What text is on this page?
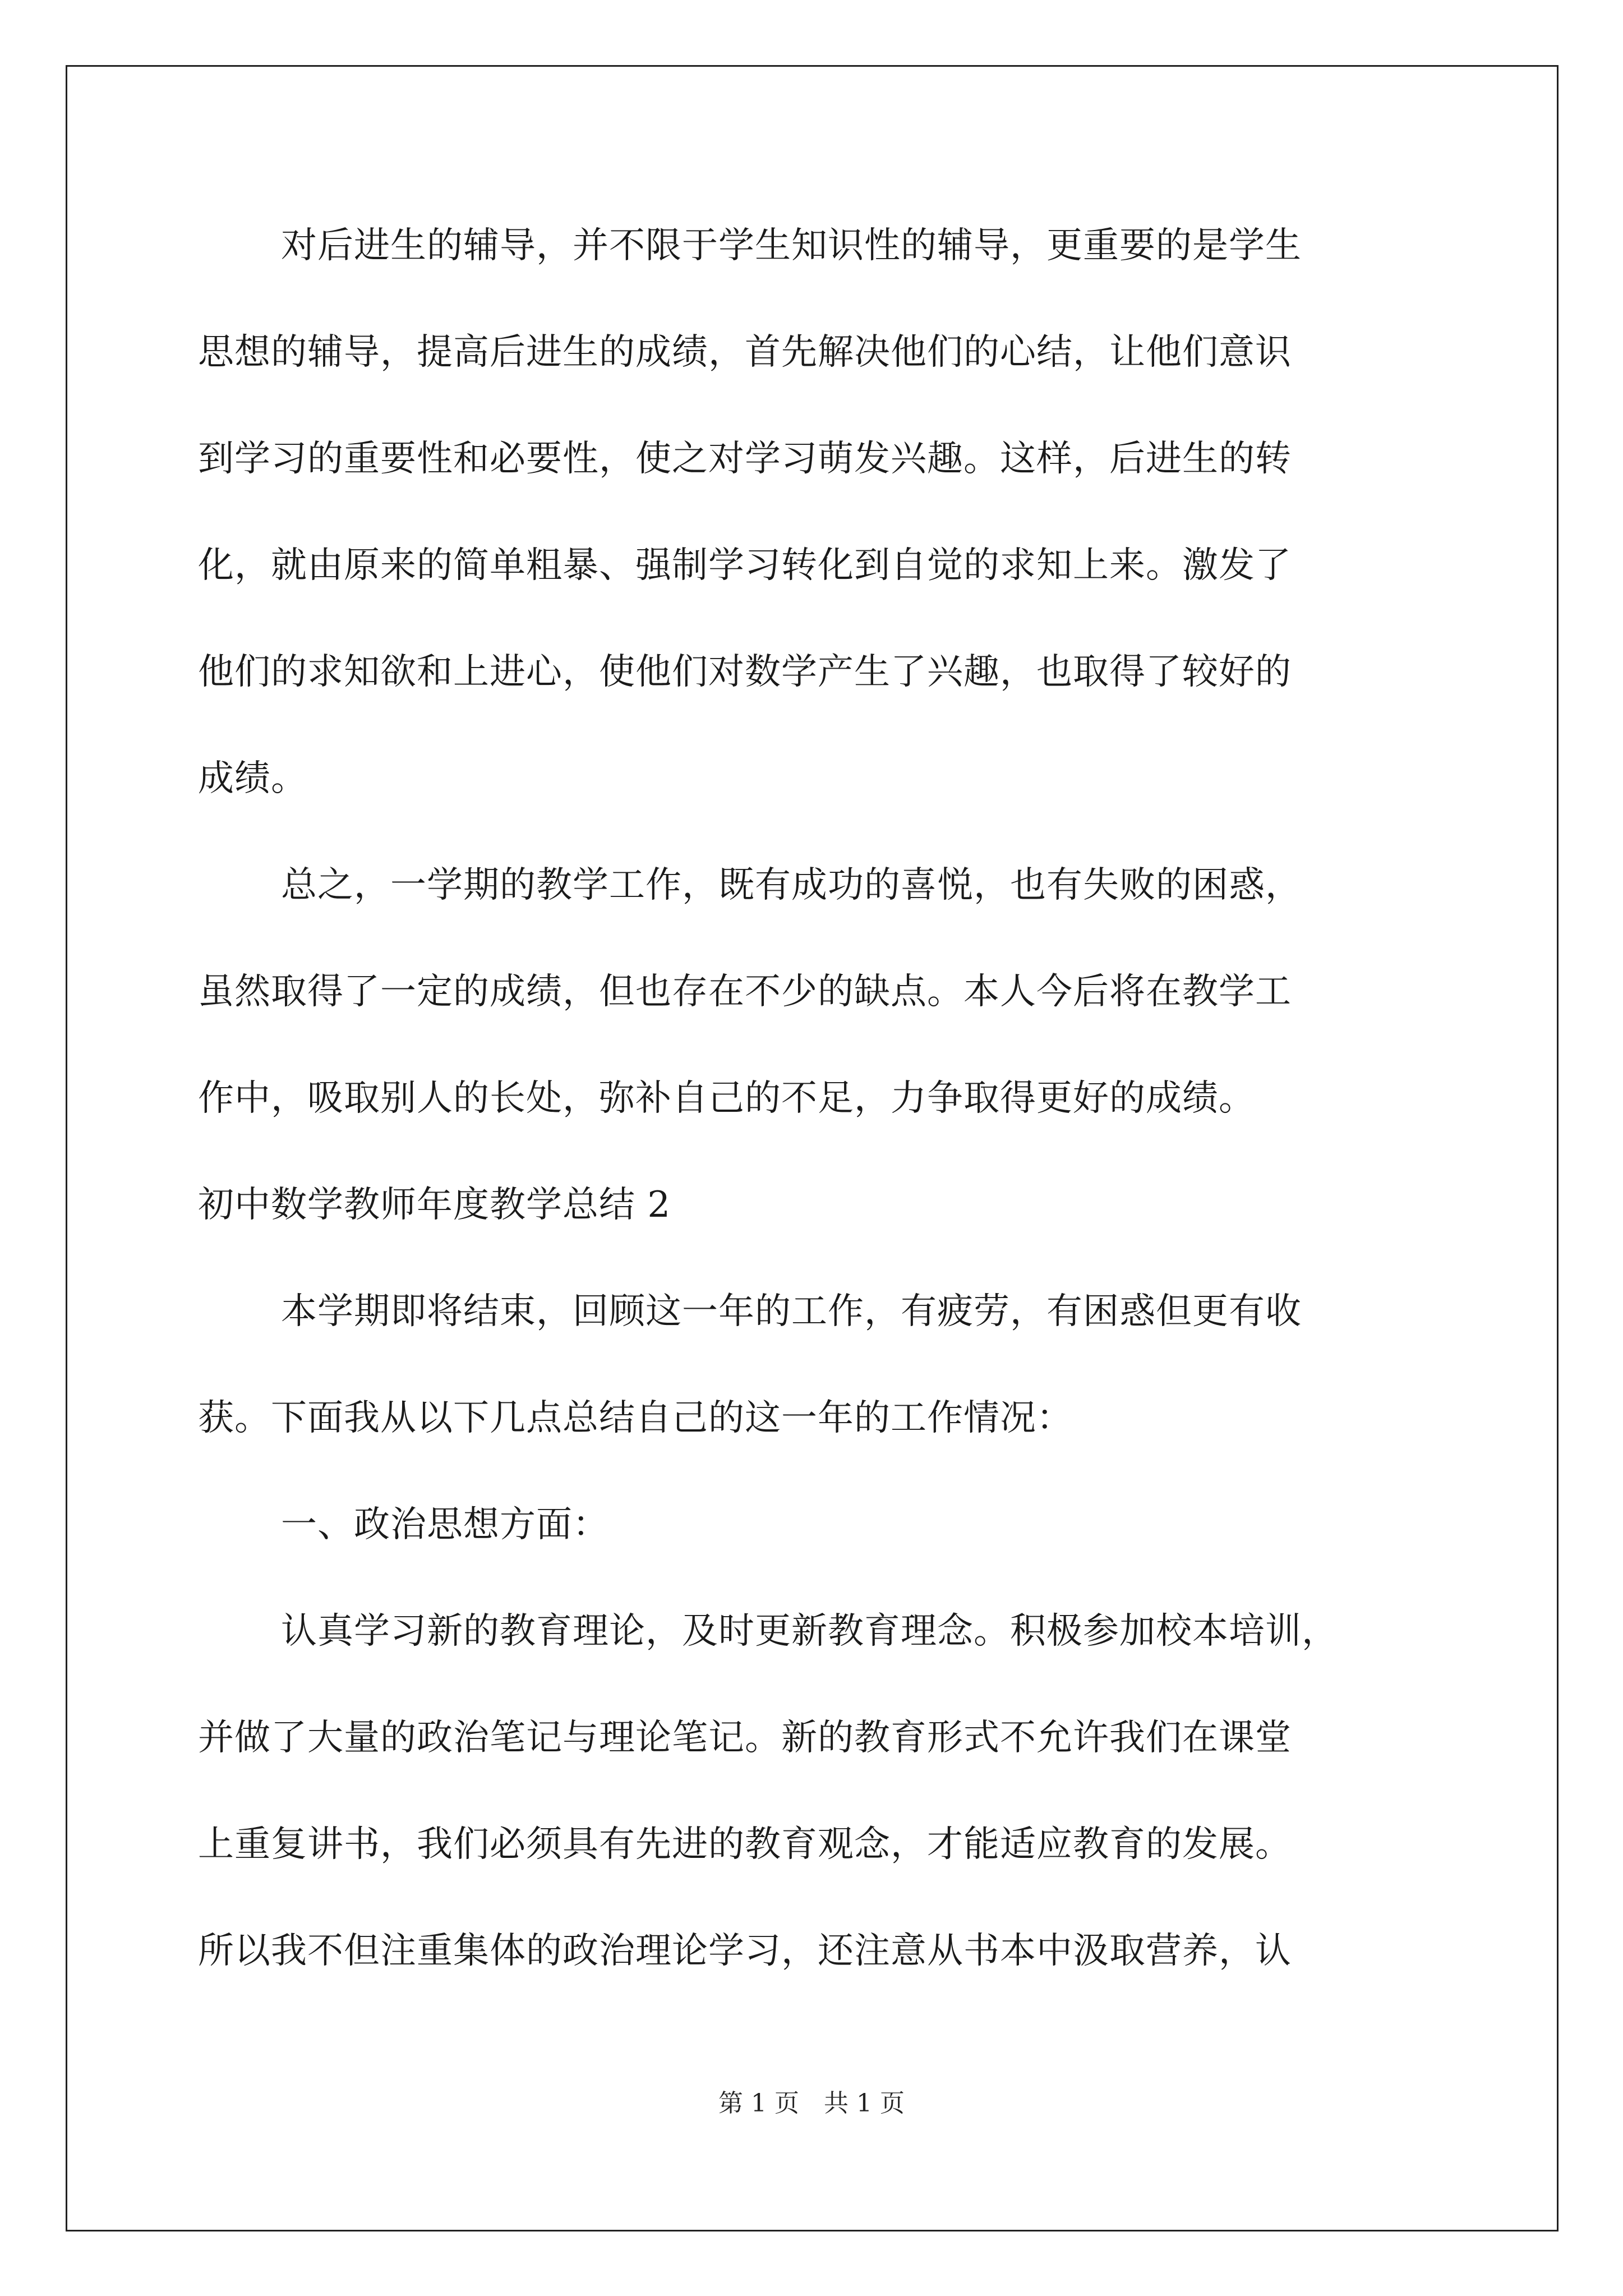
对后进生的辅导，并不限于学生知识性的辅导，更重要的是学生
思想的辅导，提高后进生的成绩，首先解决他们的心结，让他们意识
到学习的重要性和必要性，使之对学习萌发兴趣。这样，后进生的转
化，就由原来的简单粗暴、强制学习转化到自觉的求知上来。激发了
他们的求知欲和上进心，使他们对数学产生了兴趣，也取得了较好的
成绩。
总之，一学期的教学工作，既有成功的喜悦，也有失败的困惑，
虽然取得了一定的成绩，但也存在不少的缺点。本人今后将在教学工
作中，吸取别人的长处，弥补自己的不足，力争取得更好的成绩。
初中数学教师年度教学总结 2
本学期即将结束，回顾这一年的工作，有疲劳，有困惑但更有收
获。下面我从以下几点总结自己的这一年的工作情况：
一、政治思想方面：
认真学习新的教育理论，及时更新教育理念。积极参加校本培训，
并做了大量的政治笔记与理论笔记。新的教育形式不允许我们在课堂
上重复讲书，我们必须具有先进的教育观念，才能适应教育的发展。
所以我不但注重集体的政治理论学习，还注意从书本中汲取营养，认
第 1 页　共 1 页
